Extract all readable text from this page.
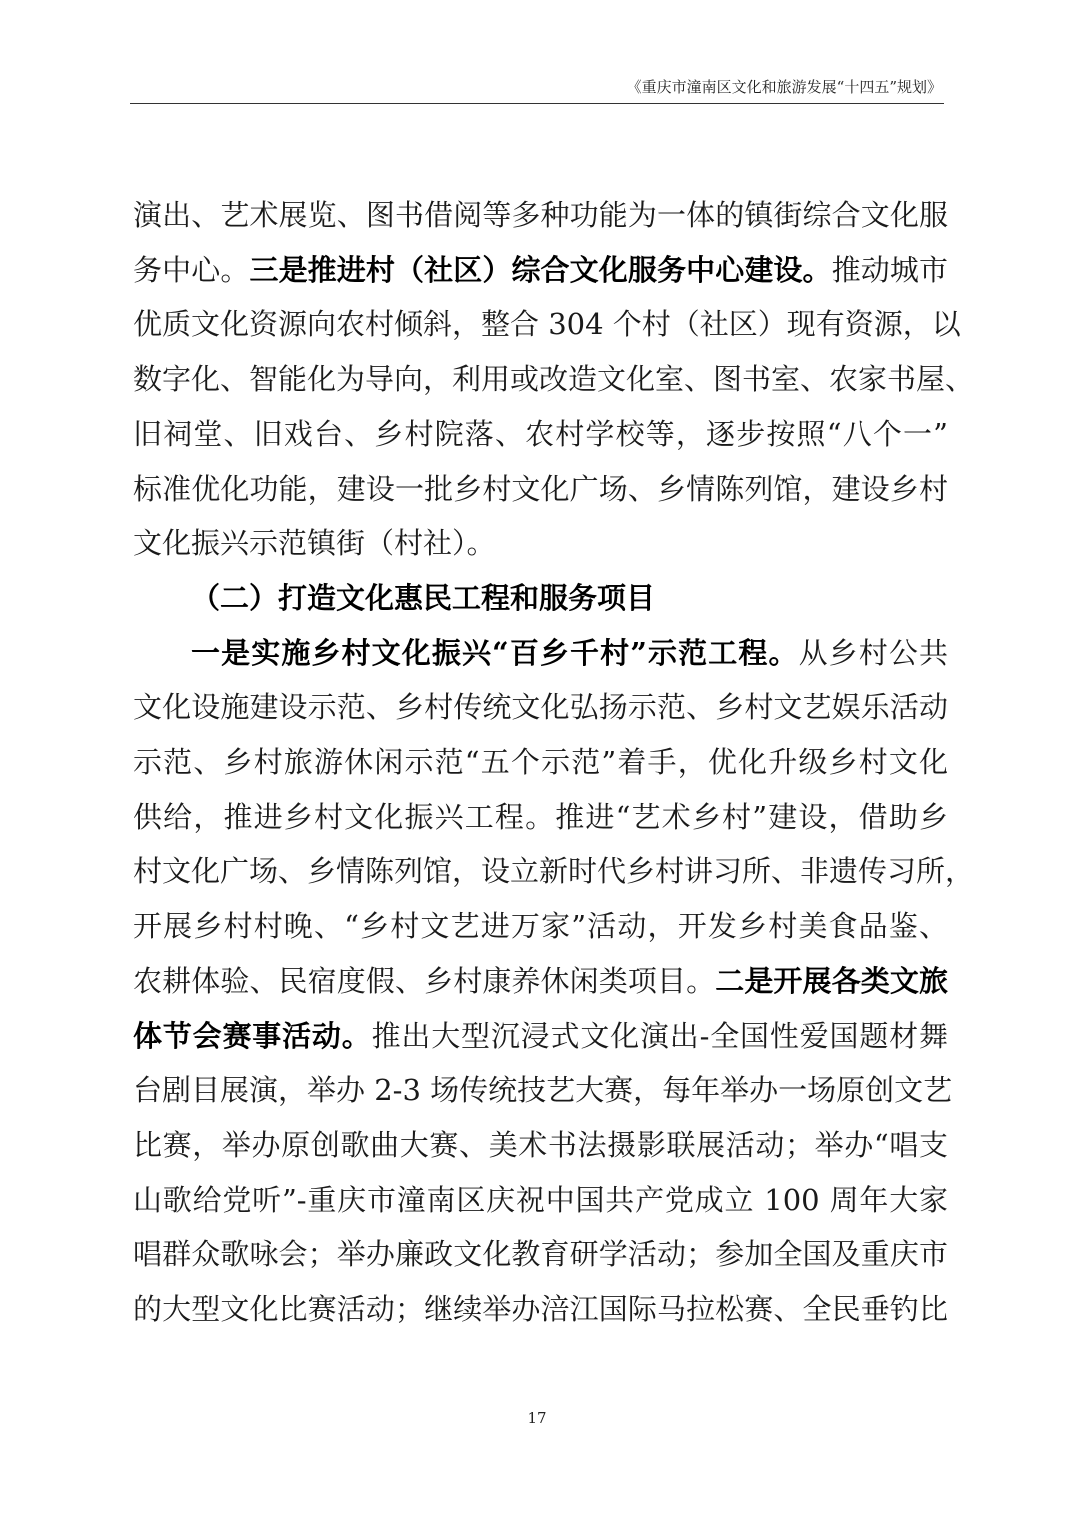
《重庆市潼南区文化和旅游发展“十四五”规划》
演出、艺术展览、图书借阅等多种功能为一体的镇街综合文化服
务中心。三是推进村（社区）综合文化服务中心建设。推动城市
优质文化资源向农村倾斜，整合 304 个村（社区）现有资源，以
数字化、智能化为导向，利用或改造文化室、图书室、农家书屋、
旧祠堂、旧戏台、乡村院落、农村学校等，逐步按照“八个一”
标准优化功能，建设一批乡村文化广场、乡情陈列馆，建设乡村
文化振兴示范镇街（村社）。
（二）打造文化惠民工程和服务项目
一是实施乡村文化振兴“百乡千村”示范工程。从乡村公共
文化设施建设示范、乡村传统文化弘扬示范、乡村文艺娱乐活动
示范、乡村旅游休闲示范“五个示范”着手，优化升级乡村文化
供给，推进乡村文化振兴工程。推进“艺术乡村”建设，借助乡
村文化广场、乡情陈列馆，设立新时代乡村讲习所、非遗传习所，
开展乡村村晚、“乡村文艺进万家”活动，开发乡村美食品鉴、
农耕体验、民宿度假、乡村康养休闲类项目。二是开展各类文旅
体节会赛事活动。推出大型沉浸式文化演出-全国性爱国题材舞
台剧目展演，举办 2-3 场传统技艺大赛，每年举办一场原创文艺
比赛，举办原创歌曲大赛、美术书法摄影联展活动；举办“唱支
山歌给党听”-重庆市潼南区庆祝中国共产党成立 100 周年大家
唱群众歌咏会；举办廉政文化教育研学活动；参加全国及重庆市
的大型文化比赛活动；继续举办涪江国际马拉松赛、全民垂钓比
17
